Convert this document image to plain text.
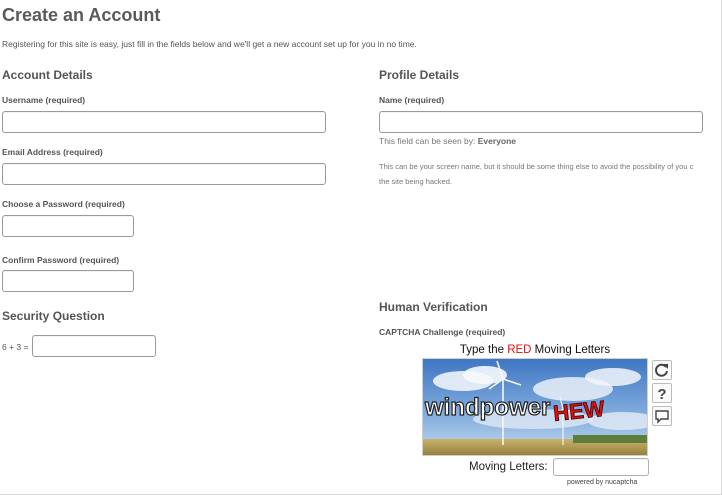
Create an Account
Registering for this site is easy, just fill in the fields below and we'll get a new account set up for you in no time.
Account Details
Username (required)
Email Address (required)
Choose a Password (required)
Confirm Password (required)
Security Question
6 + 3 =
Profile Details
Name (required)
This field can be seen by: Everyone
This can be your screen name, but it should be some thing else to avoid the possibility of you c
the site being hacked.
Human Verification
CAPTCHA Challenge (required)
Type the RED Moving Letters
windpower HEW
?
Moving Letters:
powered by nucaptcha
